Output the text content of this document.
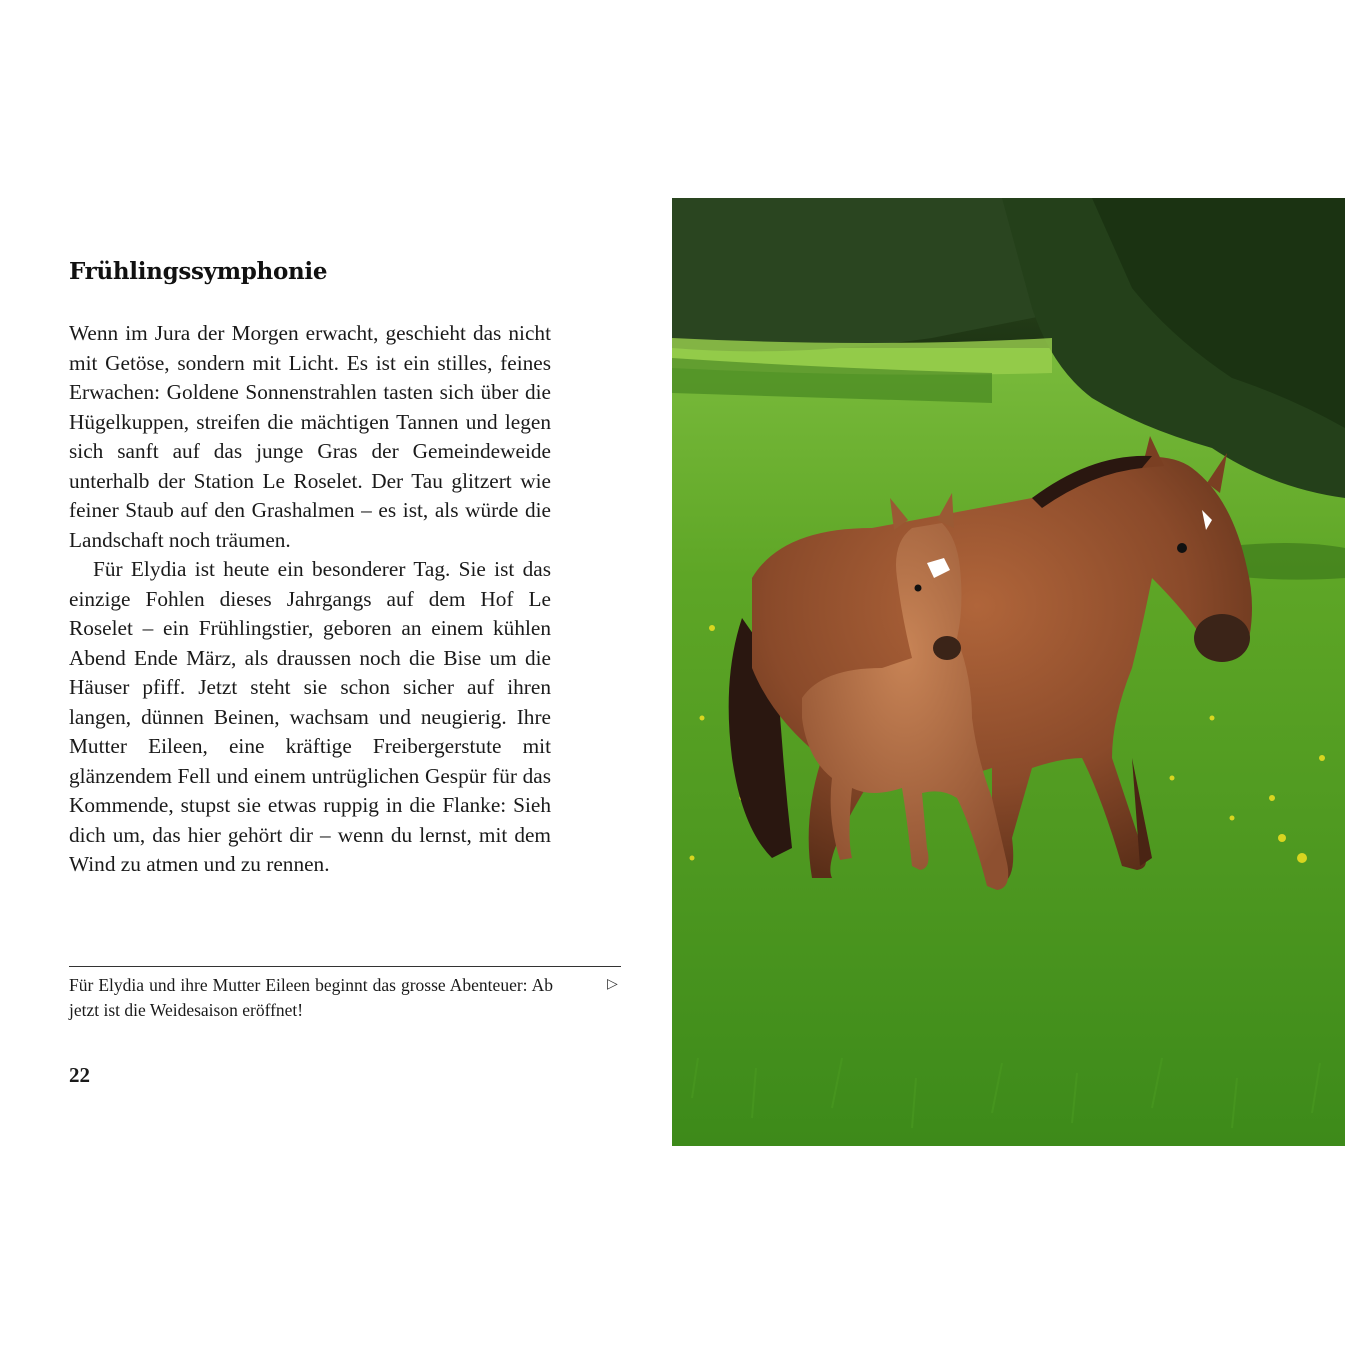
Frühlingssymphonie

Wenn im Jura der Morgen erwacht, geschieht das nicht mit Getöse, sondern mit Licht. Es ist ein stilles, feines Erwachen: Goldene Sonnenstrahlen tasten sich über die Hügelkuppen, streifen die mächtigen Tannen und legen sich sanft auf das junge Gras der Gemeindeweide unterhalb der Station Le Roselet. Der Tau glitzert wie feiner Staub auf den Grashalmen – es ist, als würde die Landschaft noch träumen.

Für Elydia ist heute ein besonderer Tag. Sie ist das einzige Fohlen dieses Jahrgangs auf dem Hof Le Roselet – ein Frühlingstier, geboren an einem kühlen Abend Ende März, als draussen noch die Bise um die Häuser pfiff. Jetzt steht sie schon sicher auf ihren langen, dünnen Beinen, wachsam und neugierig. Ihre Mutter Eileen, eine kräftige Freibergerstute mit glänzendem Fell und einem untrüglichen Gespür für das Kommende, stupst sie etwas ruppig in die Flanke: Sieh dich um, das hier gehört dir – wenn du lernst, mit dem Wind zu atmen und zu rennen.

Für Elydia und ihre Mutter Eileen beginnt das grosse Abenteuer: Ab jetzt ist die Weidesaison eröffnet!
▷
22
